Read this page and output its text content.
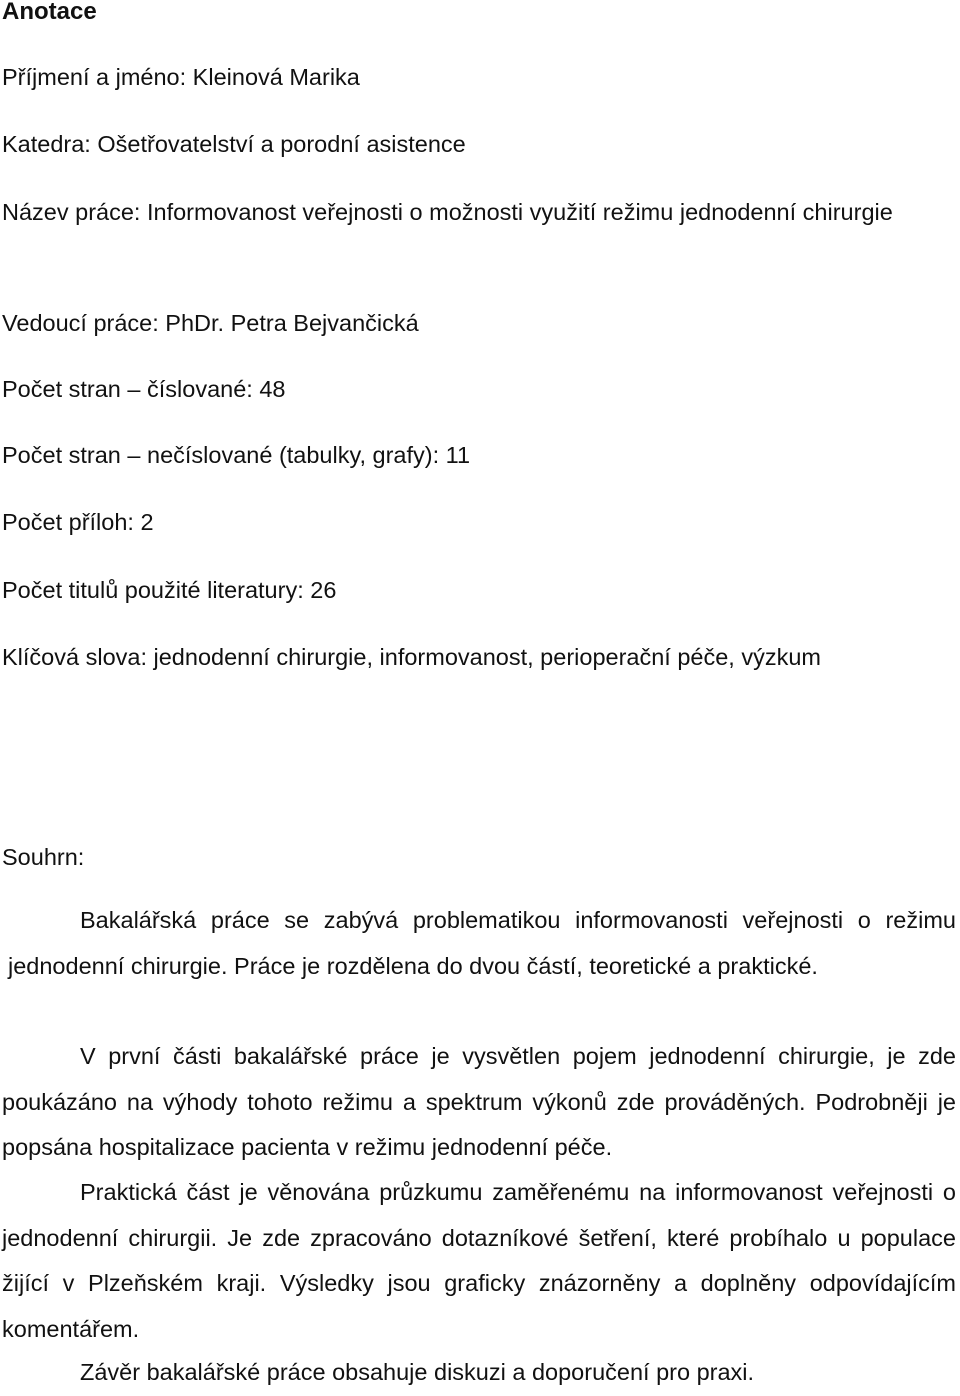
Anotace

Příjmení a jméno: Kleinová Marika

Katedra: Ošetřovatelství a porodní asistence

Název práce: Informovanost veřejnosti o možnosti využití režimu jednodenní chirurgie

Vedoucí práce: PhDr. Petra Bejvančická

Počet stran – číslované: 48

Počet stran – nečíslované (tabulky, grafy): 11

Počet příloh: 2

Počet titulů použité literatury: 26

Klíčová slova: jednodenní chirurgie, informovanost, perioperační péče, výzkum

Souhrn:

Bakalářská práce se zabývá problematikou informovanosti veřejnosti o režimu jednodenní chirurgie. Práce je rozdělena do dvou částí, teoretické a praktické.

V první části bakalářské práce je vysvětlen pojem jednodenní chirurgie, je zde poukázáno na výhody tohoto režimu a spektrum výkonů zde prováděných. Podrobněji je popsána hospitalizace pacienta v režimu jednodenní péče.

Praktická část je věnována průzkumu zaměřenému na informovanost veřejnosti o jednodenní chirurgii. Je zde zpracováno dotazníkové šetření, které probíhalo u populace žijící v Plzeňském kraji. Výsledky jsou graficky znázorněny a doplněny odpovídajícím komentářem.

Závěr bakalářské práce obsahuje diskuzi a doporučení pro praxi.
